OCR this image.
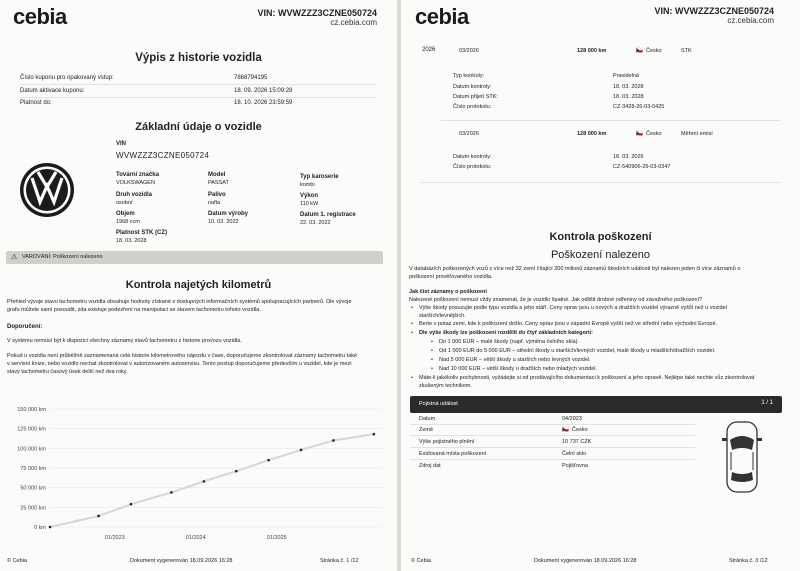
cebia	VIN: WVWZZZ3CZNE050724
cz.cebia.com
Výpis z historie vozidla
Číslo kuponu pro opakovaný vstup:	7868794195
Datum aktivace kuponu:	18. 09. 2026 15:09:28
Platnost do:	18. 10. 2026 23:59:59
Základní údaje o vozidle
VIN
WVWZZZ3CZNE050724
Tovární značka
VOLKSWAGEN
Model
PASSAT
Typ karoserie
kombi
Druh vozidla
osobní
Palivo
nafta
Výkon
110 kW
Objem
1968 ccm
Datum výroby
10. 03. 2022
Datum 1. registrace
22. 03. 2022
Platnost STK (CZ)
18. 03. 2028
⚠ VAROVÁNÍ: Poškození nalezeno
Kontrola najetých kilometrů
Přehled vývoje stavu tachometru vozidla obsahuje hodnoty získané z dostupných informačních systémů spolupracujících partnerů. Dle vývoje
grafu můžete sami posoudit, zda existuje podezření na manipulaci se stavem tachometru tohoto vozidla.
Doporučení:
V systému nemusí být k dispozici všechny záznamy stavů tachometru z historie provozu vozidla.
Pokud u vozidla není průběžně zaznamenaná celá historie kilometrového nájezdu v čase, doporučujeme zkontrolovat záznamy tachometru také
v servisní knize, nebo vozidlo nechat zkontrolovat v autorizovaném autoservisu. Tento postup doporučujeme především u vozidel, kde je mezi
stavy tachometru časový úsek delší než dva roky.
0 km
25 000 km
50 000 km
75 000 km
100 000 km
125 000 km
150 000 km
01/2023	01/2024	01/2025
© Cebia	Dokument vygenerován 18.09.2026 16:28	Stránka č. 1 /12
cebia	VIN: WVWZZZ3CZNE050724
cz.cebia.com
2026	03/2026	128 000 km	🇨🇿 Česko	STK
Typ kontroly:	Pravidelná
Datum kontroly:	18. 03. 2028
Datum přijetí STK:	18. 03. 2028
Číslo protokolu:	CZ-3428-26-03-0425
03/2026	128 000 km	🇨🇿 Česko	Měření emisí
Datum kontroly:	18. 03. 2026
Číslo protokolu:	CZ-540906-26-03-0347
Kontrola poškození
Poškození nalezeno
V databázích poškozených vozů z více než 32 zemí čítající 200 milionů záznamů škodních událostí byl nalezen jeden či více záznamů o
poškození prověřovaného vozidla.
Jak číst záznamy o poškození
Nalezené poškození nemusí vždy znamenat, že je vozidlo špatné. Jak odlišit drobné odřeniny od závažného poškození?
• Výše škody posuzujte podle typu vozidla a jeho stáří. Ceny oprav jsou u nových a dražších vozidel výrazně vyšší než u vozidel
starších/levnějších.
• Berte v potaz zemi, kde k poškození došlo. Ceny oprav jsou v západní Evropě vyšší než ve střední nebo východní Evropě.
• Dle výše škody lze poškození rozdělit do čtyř základních kategorií:
• Do 1 000 EUR – malé škody (např. výměna čelního skla).
• Od 1 000 EUR do 5 000 EUR – střední škody u starších/levných vozidel, malé škody u mladších/dražších vozidel.
• Nad 5 000 EUR – větší škody u starších nebo levných vozidel.
• Nad 10 000 EUR – větší škody u dražších nebo mladých vozidel.
• Máte-li jakékoliv pochybnosti, vyžádejte si od prodávajícího dokumentaci k poškození a jeho opravě. Nejlépe také nechte vůz zkontrolovat
zkušeným technikem.
Pojistná událost	1 / 1
Datum	04/2023
Země	🇨🇿 Česko
Výše pojistného plnění	10 737 CZK
Evidovaná místa poškození	Čelní sklo
Zdroj dat	Pojišťovna
© Cebia	Dokument vygenerován 18.09.2026 16:28	Stránka č. 3 /12
